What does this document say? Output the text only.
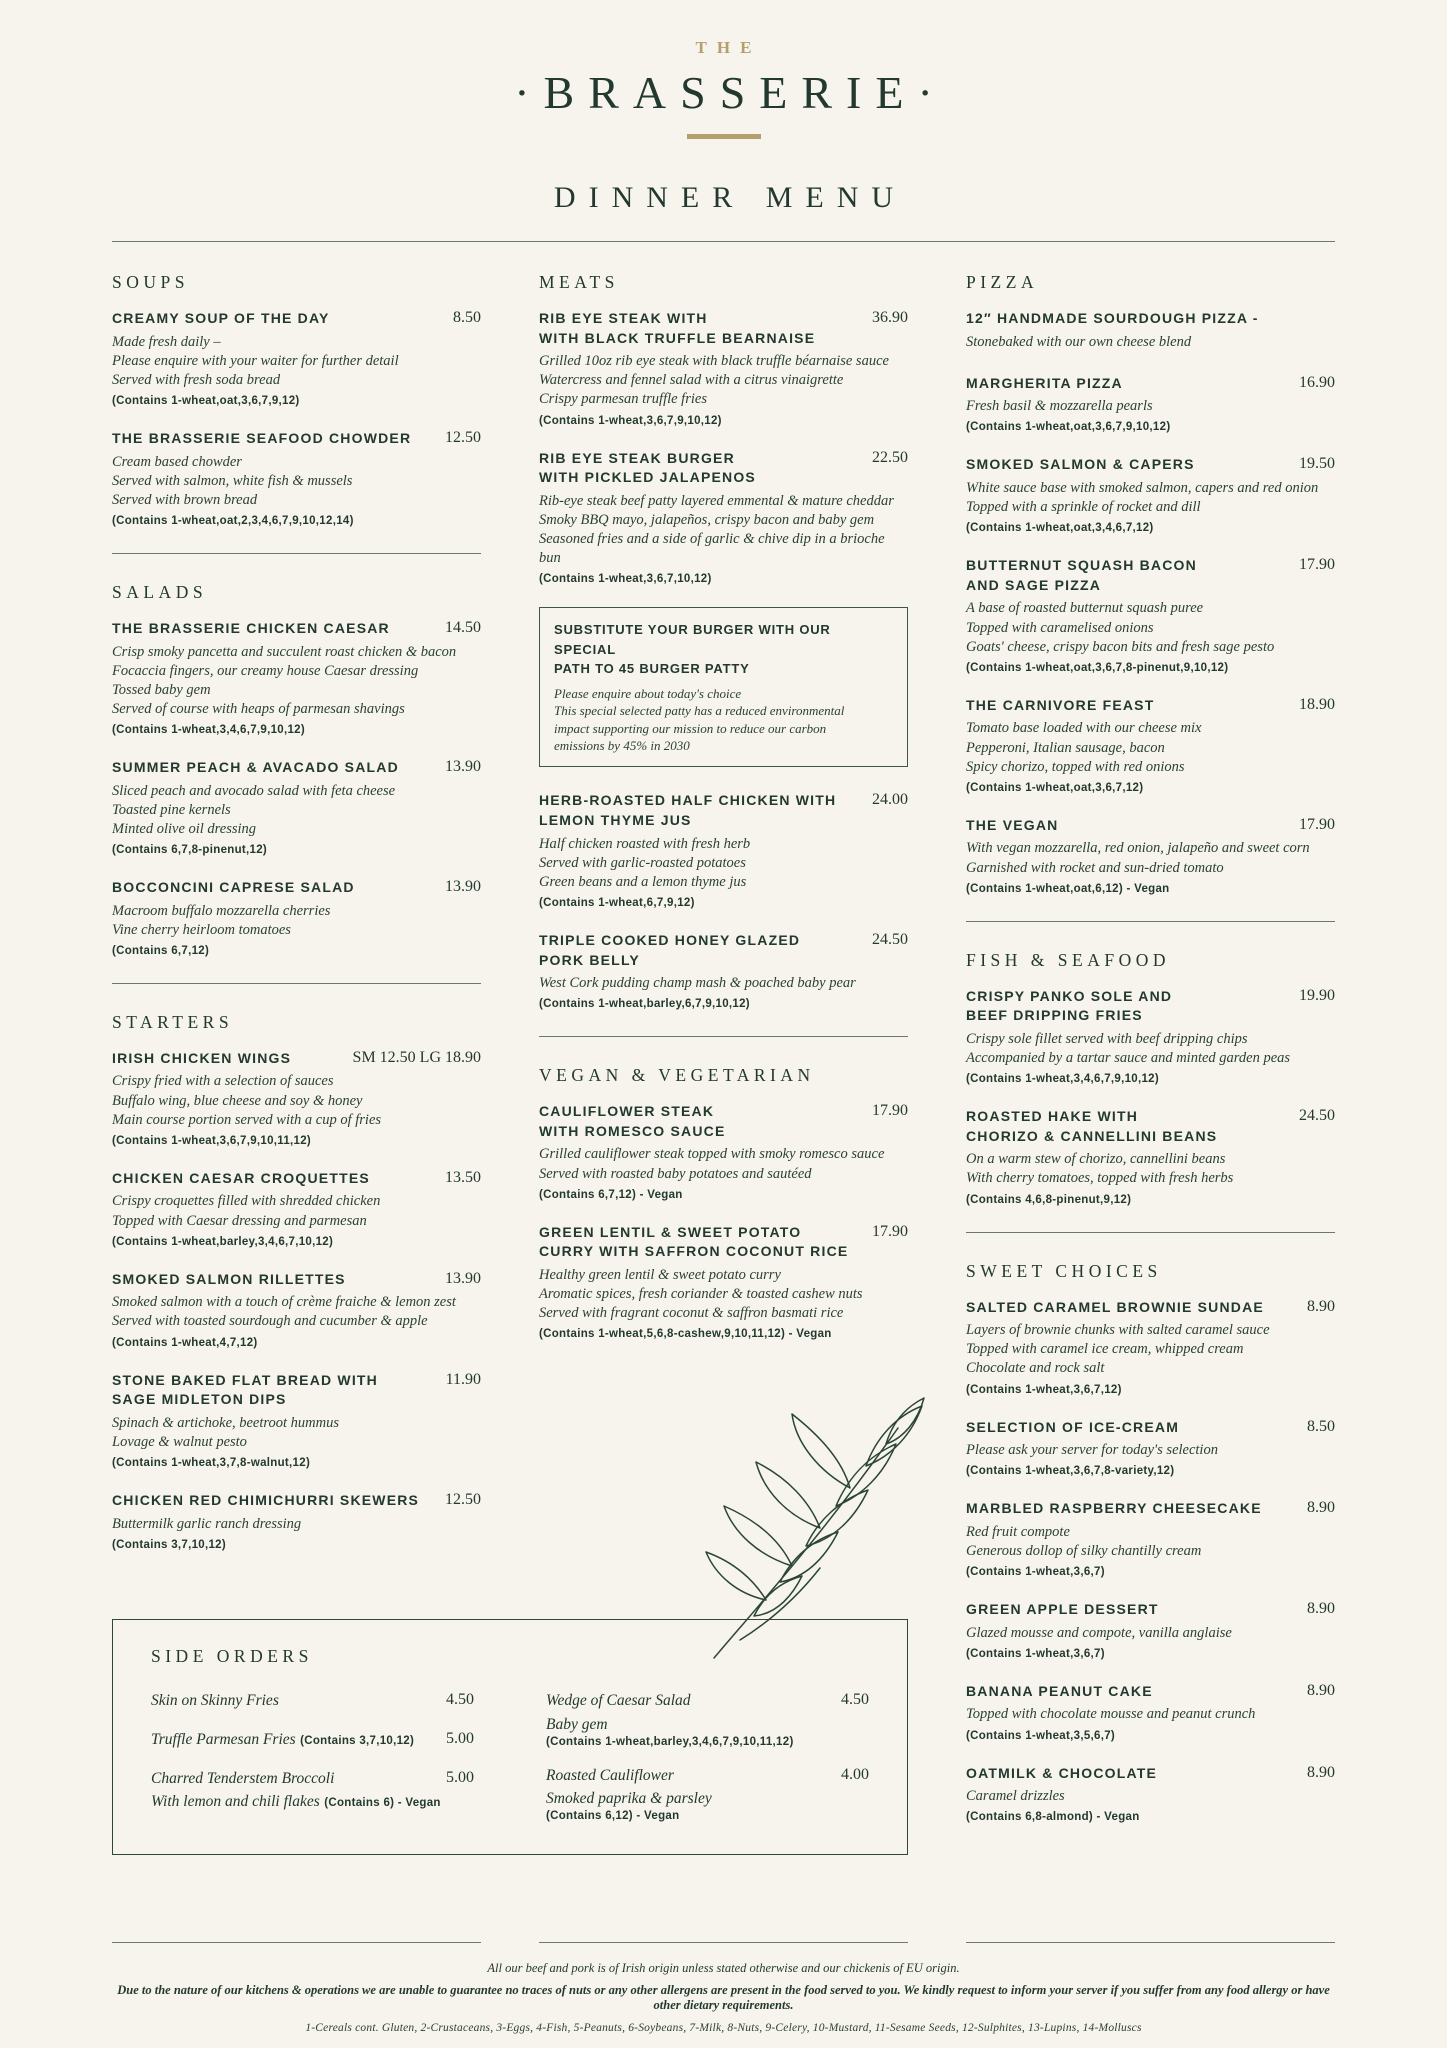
THE
·BRASSERIE·
DINNER MENU
SOUPS
CREAMY SOUP OF THE DAY	8.50

Made fresh daily –
Please enquire with your waiter for further detail
Served with fresh soda bread

(Contains 1-wheat,oat,3,6,7,9,12)

THE BRASSERIE SEAFOOD CHOWDER 12.50

Cream based chowder
Served with salmon, white fish & mussels
Served with brown bread

(Contains 1-wheat,oat,2,3,4,6,7,9,10,12,14)

SALADS
THE BRASSERIE CHICKEN CAESAR	14.50

Crisp smoky pancetta and succulent roast chicken & bacon
Focaccia fingers, our creamy house Caesar dressing
Tossed baby gem
Served of course with heaps of parmesan shavings

(Contains 1-wheat,3,4,6,7,9,10,12)

SUMMER PEACH & AVACADO SALAD	13.90

Sliced peach and avocado salad with feta cheese
Toasted pine kernels
Minted olive oil dressing

(Contains 6,7,8-pinenut,12)

BOCCONCINI CAPRESE SALAD	13.90

Macroom buffalo mozzarella cherries
Vine cherry heirloom tomatoes

(Contains 6,7,12)

STARTERS
IRISH CHICKEN WINGS	SM 12.50 LG 18.90

Crispy fried with a selection of sauces
Buffalo wing, blue cheese and soy & honey
Main course portion served with a cup of fries

(Contains 1-wheat,3,6,7,9,10,11,12)

CHICKEN CAESAR CROQUETTES	13.50

Crispy croquettes filled with shredded chicken
Topped with Caesar dressing and parmesan

(Contains 1-wheat,barley,3,4,6,7,10,12)

SMOKED SALMON RILLETTES	13.90

Smoked salmon with a touch of crème fraiche & lemon zest
Served with toasted sourdough and cucumber & apple

(Contains 1-wheat,4,7,12)

STONE BAKED FLAT BREAD WITH
SAGE MIDLETON DIPS
11.90

Spinach & artichoke, beetroot hummus
Lovage & walnut pesto

(Contains 1-wheat,3,7,8-walnut,12)

CHICKEN RED CHIMICHURRI SKEWERS 12.50

Buttermilk garlic ranch dressing

(Contains 3,7,10,12)

MEATS
RIB EYE STEAK WITH
WITH BLACK TRUFFLE BEARNAISE
36.90

Grilled 10oz rib eye steak with black truffle béarnaise sauce
Watercress and fennel salad with a citrus vinaigrette
Crispy parmesan truffle fries

(Contains 1-wheat,3,6,7,9,10,12)

RIB EYE STEAK BURGER
WITH PICKLED JALAPENOS
22.50

Rib-eye steak beef patty layered emmental & mature cheddar
Smoky BBQ mayo, jalapeños, crispy bacon and baby gem
Seasoned fries and a side of garlic & chive dip in a brioche bun

(Contains 1-wheat,3,6,7,10,12)

SUBSTITUTE YOUR BURGER WITH OUR SPECIAL
PATH TO 45 BURGER PATTY

Please enquire about today's choice
This special selected patty has a reduced environmental
impact supporting our mission to reduce our carbon
emissions by 45% in 2030

HERB-ROASTED HALF CHICKEN WITH
LEMON THYME JUS
24.00

Half chicken roasted with fresh herb
Served with garlic-roasted potatoes
Green beans and a lemon thyme jus

(Contains 1-wheat,6,7,9,12)

TRIPLE COOKED HONEY GLAZED
PORK BELLY
24.50

West Cork pudding champ mash & poached baby pear

(Contains 1-wheat,barley,6,7,9,10,12)

VEGAN & VEGETARIAN
CAULIFLOWER STEAK
WITH ROMESCO SAUCE
17.90

Grilled cauliflower steak topped with smoky romesco sauce
Served with roasted baby potatoes and sautéed

(Contains 6,7,12) - Vegan

GREEN LENTIL & SWEET POTATO
CURRY WITH SAFFRON COCONUT RICE
17.90

Healthy green lentil & sweet potato curry
Aromatic spices, fresh coriander & toasted cashew nuts
Served with fragrant coconut & saffron basmati rice

(Contains 1-wheat,5,6,8-cashew,9,10,11,12) - Vegan

PIZZA
12″ HANDMADE SOURDOUGH PIZZA -

Stonebaked with our own cheese blend

MARGHERITA PIZZA	16.90

Fresh basil & mozzarella pearls

(Contains 1-wheat,oat,3,6,7,9,10,12)

SMOKED SALMON & CAPERS	19.50

White sauce base with smoked salmon, capers and red onion
Topped with a sprinkle of rocket and dill

(Contains 1-wheat,oat,3,4,6,7,12)

BUTTERNUT SQUASH BACON
AND SAGE PIZZA
17.90

A base of roasted butternut squash puree
Topped with caramelised onions
Goats' cheese, crispy bacon bits and fresh sage pesto

(Contains 1-wheat,oat,3,6,7,8-pinenut,9,10,12)

THE CARNIVORE FEAST	18.90

Tomato base loaded with our cheese mix
Pepperoni, Italian sausage, bacon
Spicy chorizo, topped with red onions

(Contains 1-wheat,oat,3,6,7,12)

THE VEGAN	17.90

With vegan mozzarella, red onion, jalapeño and sweet corn
Garnished with rocket and sun-dried tomato

(Contains 1-wheat,oat,6,12) - Vegan

FISH & SEAFOOD
CRISPY PANKO SOLE AND
BEEF DRIPPING FRIES
19.90

Crispy sole fillet served with beef dripping chips
Accompanied by a tartar sauce and minted garden peas

(Contains 1-wheat,3,4,6,7,9,10,12)

ROASTED HAKE WITH
CHORIZO & CANNELLINI BEANS
24.50

On a warm stew of chorizo, cannellini beans
With cherry tomatoes, topped with fresh herbs

(Contains 4,6,8-pinenut,9,12)

SWEET CHOICES
SALTED CARAMEL BROWNIE SUNDAE	8.90

Layers of brownie chunks with salted caramel sauce
Topped with caramel ice cream, whipped cream
Chocolate and rock salt

(Contains 1-wheat,3,6,7,12)

SELECTION OF ICE-CREAM	8.50

Please ask your server for today's selection

(Contains 1-wheat,3,6,7,8-variety,12)

MARBLED RASPBERRY CHEESECAKE	8.90

Red fruit compote
Generous dollop of silky chantilly cream

(Contains 1-wheat,3,6,7)

GREEN APPLE DESSERT	8.90

Glazed mousse and compote, vanilla anglaise

(Contains 1-wheat,3,6,7)

BANANA PEANUT CAKE	8.90

Topped with chocolate mousse and peanut crunch

(Contains 1-wheat,3,5,6,7)

OATMILK & CHOCOLATE	8.90

Caramel drizzles

(Contains 6,8-almond) - Vegan

SIDE ORDERS
Skin on Skinny Fries	4.50
Truffle Parmesan Fries (Contains 3,7,10,12) 5.00
Charred Tenderstem Broccoli	5.00
With lemon and chili flakes (Contains 6) - Vegan
Wedge of Caesar Salad	4.50
Baby gem
(Contains 1-wheat,barley,3,4,6,7,9,10,11,12)
Roasted Cauliflower	4.00
Smoked paprika & parsley
(Contains 6,12) - Vegan

All our beef and pork is of Irish origin unless stated otherwise and our chickenis of EU origin.

Due to the nature of our kitchens & operations we are unable to guarantee no traces of nuts or any other allergens are present in the food served to you. We kindly request to inform your server if you suffer from any food allergy or have other dietary requirements.

1-Cereals cont. Gluten, 2-Crustaceans, 3-Eggs, 4-Fish, 5-Peanuts, 6-Soybeans, 7-Milk, 8-Nuts, 9-Celery, 10-Mustard, 11-Sesame Seeds, 12-Sulphites, 13-Lupins, 14-Molluscs
